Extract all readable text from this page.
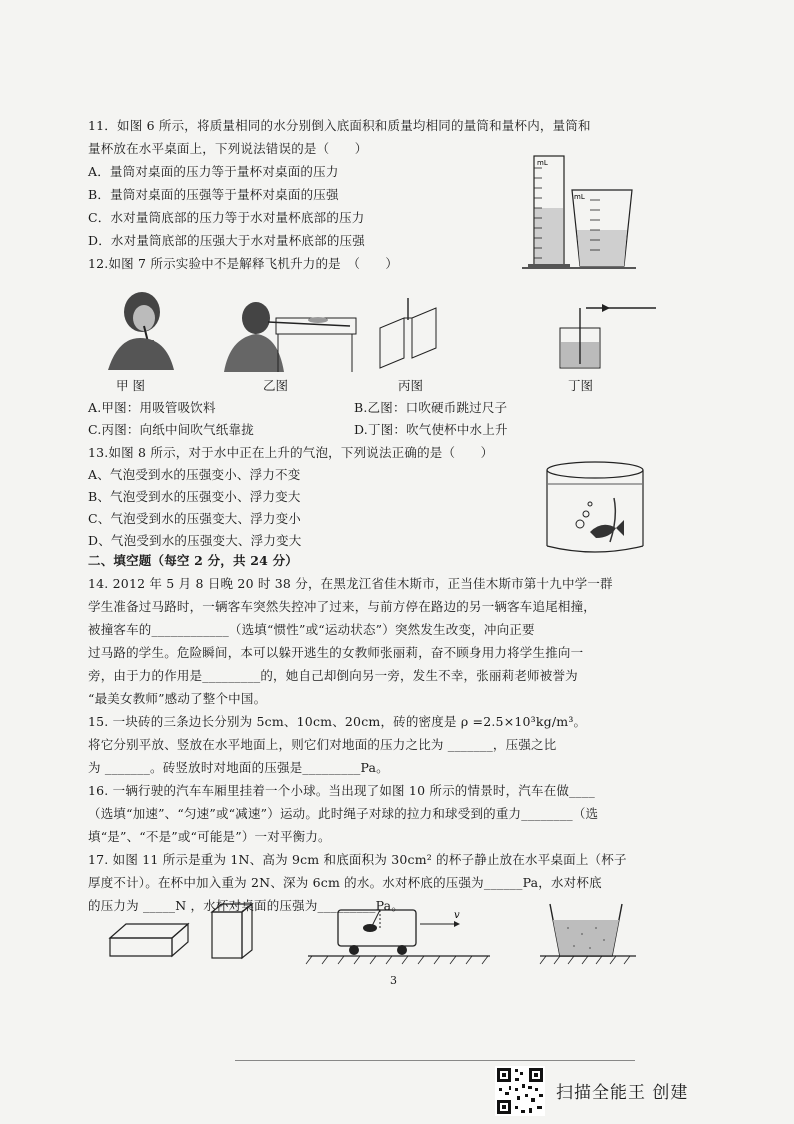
11．如图 6 所示，将质量相同的水分别倒入底面积和质量均相同的量筒和量杯内，量筒和
量杯放在水平桌面上，下列说法错误的是（　　）
A．量筒对桌面的压力等于量杯对桌面的压力
B．量筒对桌面的压强等于量杯对桌面的压强
C．水对量筒底部的压力等于水对量杯底部的压力
D．水对量筒底部的压强大于水对量杯底部的压强
mL
mL
12.如图 7 所示实验中不是解释飞机升力的是　（　　）
甲 图	乙图	丙图	丁图
A.甲图：用吸管吸饮料	B.乙图：口吹硬币跳过尺子
C.丙图：向纸中间吹气纸靠拢	D.丁图：吹气使杯中水上升
13.如图 8 所示，对于水中正在上升的气泡，下列说法正确的是（　　）
A、气泡受到水的压强变小、浮力不变
B、气泡受到水的压强变小、浮力变大
C、气泡受到水的压强变大、浮力变小
D、气泡受到水的压强变大、浮力变大
二、填空题（每空 2 分，共 24 分）
14. 2012 年 5 月 8 日晚 20 时 38 分，在黑龙江省佳木斯市，正当佳木斯市第十九中学一群
学生准备过马路时，一辆客车突然失控冲了过来，与前方停在路边的另一辆客车追尾相撞，
被撞客车的____________（选填“惯性”或“运动状态”）突然发生改变，冲向正要
过马路的学生。危险瞬间，本可以躲开逃生的女教师张丽莉，奋不顾身用力将学生推向一
旁，由于力的作用是_________的，她自己却倒向另一旁，发生不幸，张丽莉老师被誉为
“最美女教师”感动了整个中国。
15. 一块砖的三条边长分别为 5cm、10cm、20cm，砖的密度是 ρ =2.5×10³kg/m³。
将它分别平放、竖放在水平地面上，则它们对地面的压力之比为 _______，压强之比
为 _______。砖竖放时对地面的压强是_________Pa。
16. 一辆行驶的汽车车厢里挂着一个小球。当出现了如图 10 所示的情景时，汽车在做____
（选填“加速”、“匀速”或“减速”）运动。此时绳子对球的拉力和球受到的重力________（选
填“是”、“不是”或“可能是”）一对平衡力。
17. 如图 11 所示是重为 1N、高为 9cm 和底面积为 30cm² 的杯子静止放在水平桌面上（杯子
厚度不计）。在杯中加入重为 2N、深为 6cm 的水。水对杯底的压强为______Pa，水对杯底
的压力为 _____N ，水杯对桌面的压强为_________Pa。
v
3
扫描全能王 创建
